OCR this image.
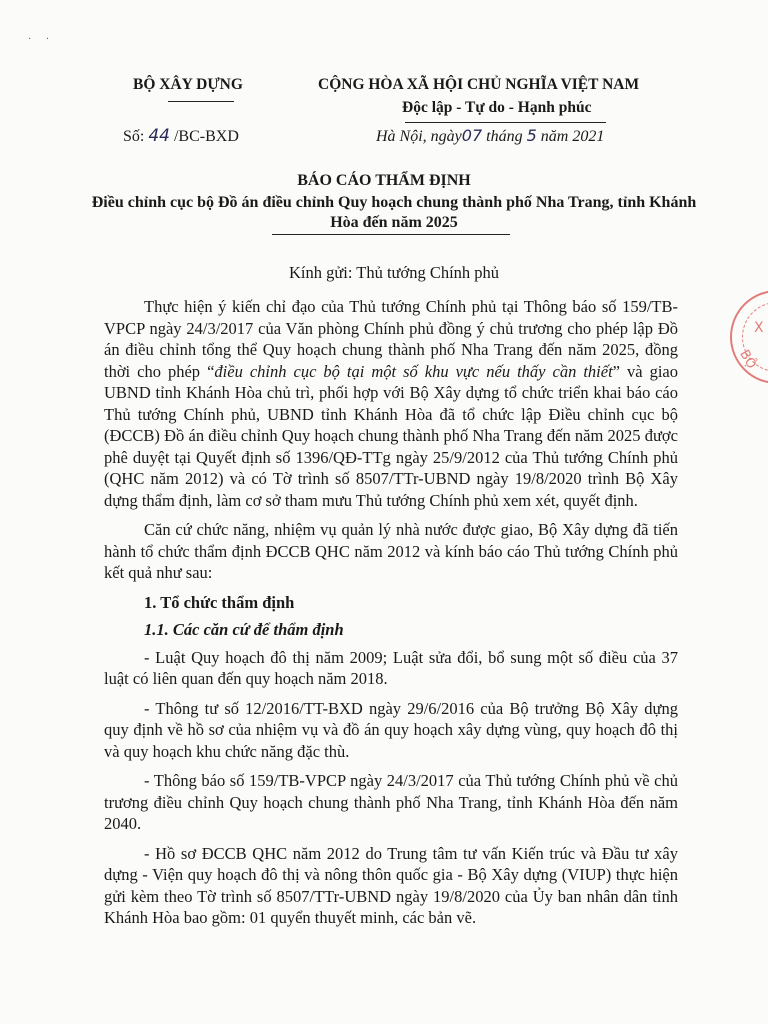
· ·
BỘ XÂY DỰNG	CỘNG HÒA XÃ HỘI CHỦ NGHĨA VIỆT NAM
Độc lập - Tự do - Hạnh phúc
Số: 44 /BC-BXD	Hà Nội, ngày07 tháng 5 năm 2021
BÁO CÁO THẨM ĐỊNH
Điều chỉnh cục bộ Đồ án điều chỉnh Quy hoạch chung thành phố Nha Trang, tỉnh Khánh Hòa đến năm 2025
Kính gửi: Thủ tướng Chính phủ

Thực hiện ý kiến chỉ đạo của Thủ tướng Chính phủ tại Thông báo số 159/TB-VPCP ngày 24/3/2017 của Văn phòng Chính phủ đồng ý chủ trương cho phép lập Đồ án điều chỉnh tổng thể Quy hoạch chung thành phố Nha Trang đến năm 2025, đồng thời cho phép “điều chỉnh cục bộ tại một số khu vực nếu thấy cần thiết” và giao UBND tỉnh Khánh Hòa chủ trì, phối hợp với Bộ Xây dựng tổ chức triển khai báo cáo Thủ tướng Chính phủ, UBND tỉnh Khánh Hòa đã tổ chức lập Điều chỉnh cục bộ (ĐCCB) Đồ án điều chỉnh Quy hoạch chung thành phố Nha Trang đến năm 2025 được phê duyệt tại Quyết định số 1396/QĐ-TTg ngày 25/9/2012 của Thủ tướng Chính phủ (QHC năm 2012) và có Tờ trình số 8507/TTr-UBND ngày 19/8/2020 trình Bộ Xây dựng thẩm định, làm cơ sở tham mưu Thủ tướng Chính phủ xem xét, quyết định.

Căn cứ chức năng, nhiệm vụ quản lý nhà nước được giao, Bộ Xây dựng đã tiến hành tổ chức thẩm định ĐCCB QHC năm 2012 và kính báo cáo Thủ tướng Chính phủ kết quả như sau:

1. Tổ chức thẩm định

1.1. Các căn cứ để thẩm định

- Luật Quy hoạch đô thị năm 2009; Luật sửa đổi, bổ sung một số điều của 37 luật có liên quan đến quy hoạch năm 2018.

- Thông tư số 12/2016/TT-BXD ngày 29/6/2016 của Bộ trưởng Bộ Xây dựng quy định về hồ sơ của nhiệm vụ và đồ án quy hoạch xây dựng vùng, quy hoạch đô thị và quy hoạch khu chức năng đặc thù.

- Thông báo số 159/TB-VPCP ngày 24/3/2017 của Thủ tướng Chính phủ về chủ trương điều chỉnh Quy hoạch chung thành phố Nha Trang, tỉnh Khánh Hòa đến năm 2040.

- Hồ sơ ĐCCB QHC năm 2012 do Trung tâm tư vấn Kiến trúc và Đầu tư xây dựng - Viện quy hoạch đô thị và nông thôn quốc gia - Bộ Xây dựng (VIUP) thực hiện gửi kèm theo Tờ trình số 8507/TTr-UBND ngày 19/8/2020 của Ủy ban nhân dân tỉnh Khánh Hòa bao gồm: 01 quyển thuyết minh, các bản vẽ.

X
BỘ
